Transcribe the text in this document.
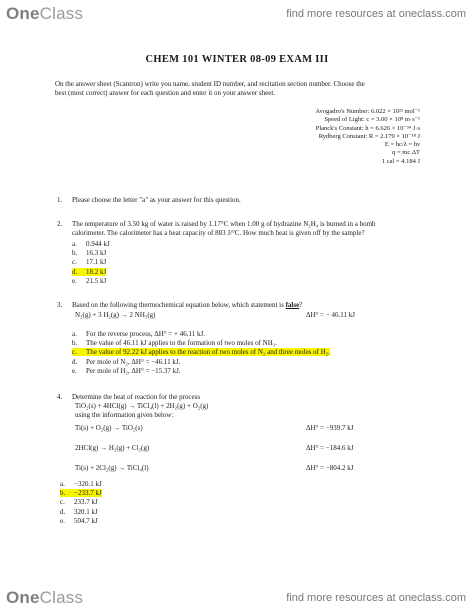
OneClass	find more resources at oneclass.com
CHEM 101 WINTER 08-09 EXAM III
On the answer sheet (Scantron) write you name, student ID number, and recitation section number. Choose the
best (most correct) answer for each question and enter it on your answer sheet.
Avogadro's Number: 6.022 × 10²³ mol⁻¹
Speed of Light: c = 3.00 × 10⁸ m·s⁻¹
Planck's Constant: h = 6.626 × 10⁻³⁴ J·s
Rydberg Constant: R = 2.179 × 10⁻¹⁸ J
E = hc/λ = hν
q = mc ΔT
1 cal = 4.184 J
1. Please choose the letter "a" as your answer for this question.
2. The temperature of 3.50 kg of water is raised by 1.17°C when 1.00 g of hydrazine N₂H₄ is burned in a bomb
calorimeter. The calorimeter has a heat capacity of 883 J/°C. How much heat is given off by the sample?
a. 0.944 kJ
b. 16.3 kJ
c. 17.1 kJ
d. 18.2 kJ
e. 21.5 kJ
3. Based on the following thermochemical equation below, which statement is false?
N₂(g) + 3 H₂(g) → 2 NH₃(g)	ΔH° = − 46.11 kJ
a. For the reverse process, ΔH° = + 46.11 kJ.
b. The value of 46.11 kJ applies to the formation of two moles of NH₃.
c. The value of 92.22 kJ applies to the reaction of two moles of N₂ and three moles of H₂.
d. Per mole of N₂, ΔH° = −46.11 kJ.
e. Per mole of H₂, ΔH° = −15.37 kJ.
4. Determine the heat of reaction for the process
TiO₂(s) + 4HCl(g) → TiCl₄(l) + 2H₂(g) + O₂(g)
using the information given below:
Ti(s) + O₂(g) → TiO₂(s)	ΔH° = −939.7 kJ
2HCl(g) → H₂(g) + Cl₂(g)	ΔH° = −184.6 kJ
Ti(s) + 2Cl₂(g) → TiCl₄(l)	ΔH° = −804.2 kJ
a. −320.1 kJ
b. −233.7 kJ
c. 233.7 kJ
d. 320.1 kJ
e. 504.7 kJ
OneClass	find more resources at oneclass.com
